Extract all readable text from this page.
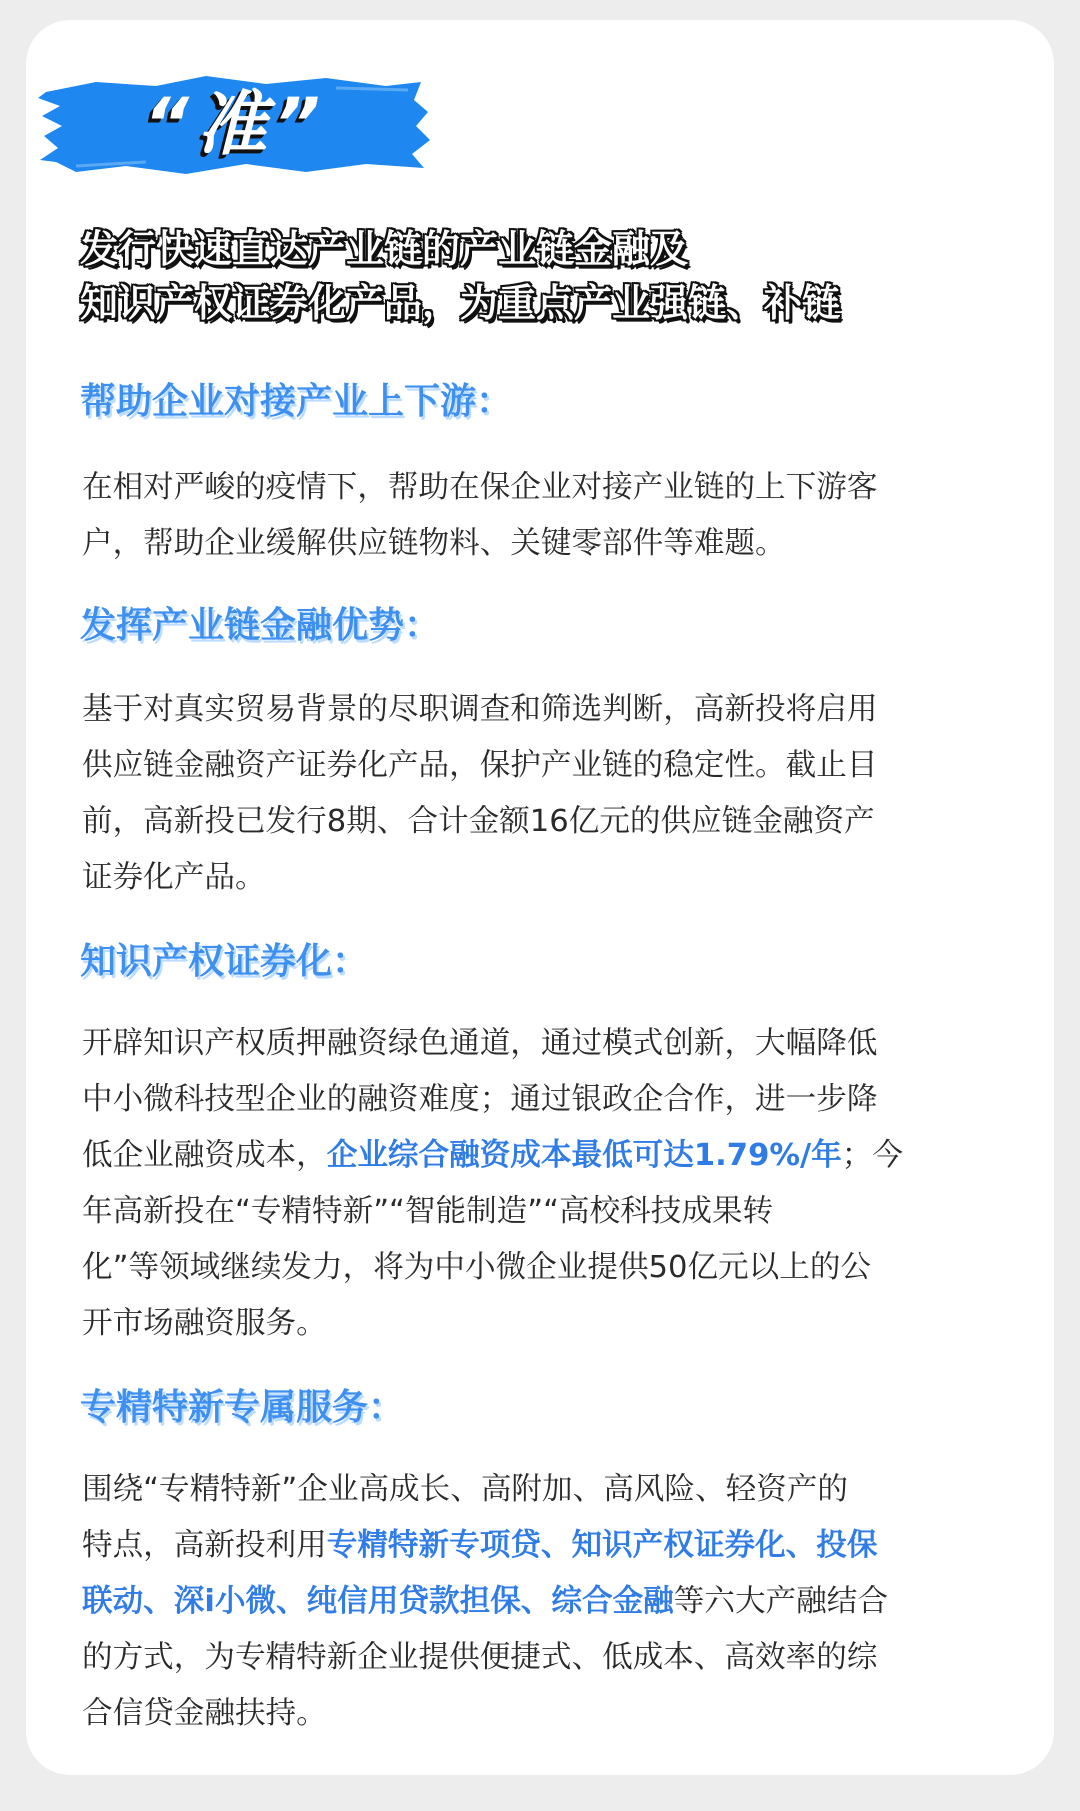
“准”
发行快速直达产业链的产业链金融及
知识产权证券化产品，为重点产业强链、补链
帮助企业对接产业上下游：
在相对严峻的疫情下，帮助在保企业对接产业链的上下游客
户，帮助企业缓解供应链物料、关键零部件等难题。
发挥产业链金融优势：
基于对真实贸易背景的尽职调查和筛选判断，高新投将启用
供应链金融资产证券化产品，保护产业链的稳定性。截止目
前，高新投已发行8期、合计金额16亿元的供应链金融资产
证券化产品。
知识产权证券化：
开辟知识产权质押融资绿色通道，通过模式创新，大幅降低
中小微科技型企业的融资难度；通过银政企合作，进一步降
低企业融资成本，企业综合融资成本最低可达1.79%/年；今
年高新投在“专精特新”“智能制造”“高校科技成果转
化”等领域继续发力，将为中小微企业提供50亿元以上的公
开市场融资服务。
专精特新专属服务：
围绕“专精特新”企业高成长、高附加、高风险、轻资产的
特点，高新投利用专精特新专项贷、知识产权证券化、投保
联动、深i小微、纯信用贷款担保、综合金融等六大产融结合
的方式，为专精特新企业提供便捷式、低成本、高效率的综
合信贷金融扶持。
